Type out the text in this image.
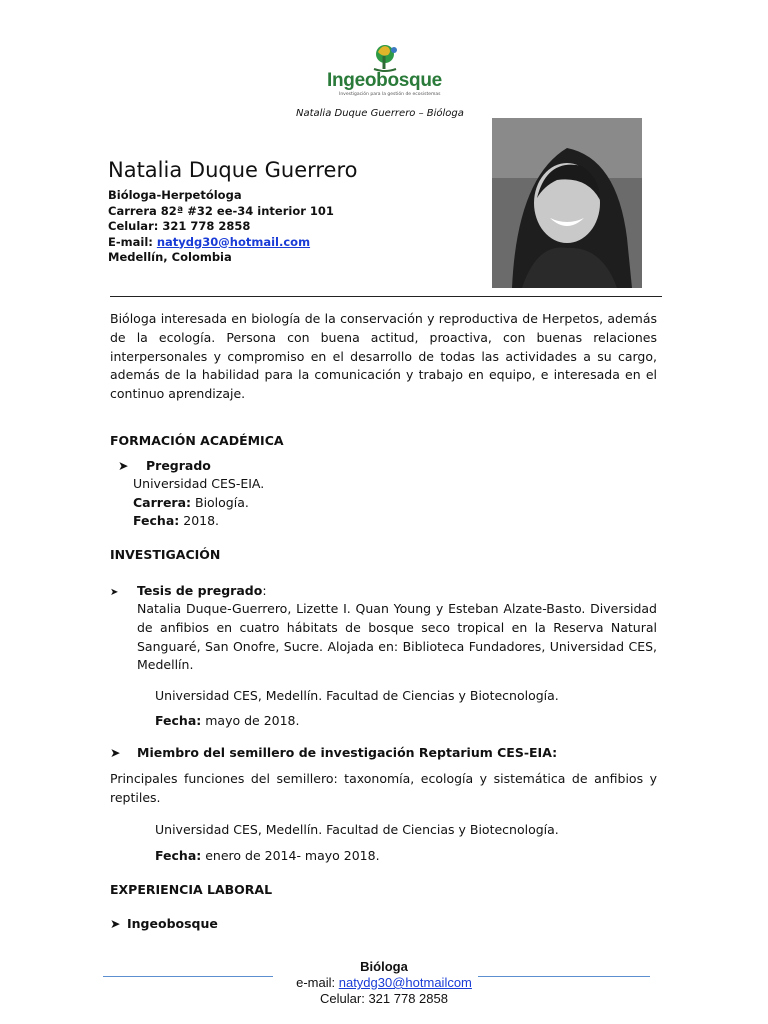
Ingeobosque
Investigación para la gestión de ecosistemas
Natalia Duque Guerrero – Bióloga
Natalia Duque Guerrero
Bióloga-Herpetóloga
Carrera 82ª #32 ee-34 interior 101
Celular: 321 778 2858
E-mail: natydg30@hotmail.com
Medellín, Colombia
Bióloga interesada en biología de la conservación y reproductiva de Herpetos, además
de la ecología. Persona con buena actitud, proactiva, con buenas relaciones
interpersonales y compromiso en el desarrollo de todas las actividades a su cargo,
además de la habilidad para la comunicación y trabajo en equipo, e interesada en el
continuo aprendizaje.
FORMACIÓN ACADÉMICA
➤ Pregrado
Universidad CES-EIA.
Carrera: Biología.
Fecha: 2018.
INVESTIGACIÓN
➤ Tesis de pregrado:
Natalia Duque-Guerrero, Lizette I. Quan Young y Esteban Alzate-Basto. Diversidad
de anfibios en cuatro hábitats de bosque seco tropical en la Reserva Natural
Sanguaré, San Onofre, Sucre. Alojada en: Biblioteca Fundadores, Universidad CES,
Medellín.
Universidad CES, Medellín. Facultad de Ciencias y Biotecnología.
Fecha: mayo de 2018.
➤ Miembro del semillero de investigación Reptarium CES-EIA:
Principales funciones del semillero: taxonomía, ecología y sistemática de anfibios y
reptiles.
Universidad CES, Medellín. Facultad de Ciencias y Biotecnología.
Fecha: enero de 2014- mayo 2018.
EXPERIENCIA LABORAL
➤ Ingeobosque
Bióloga
e-mail: natydg30@hotmailcom
Celular: 321 778 2858
